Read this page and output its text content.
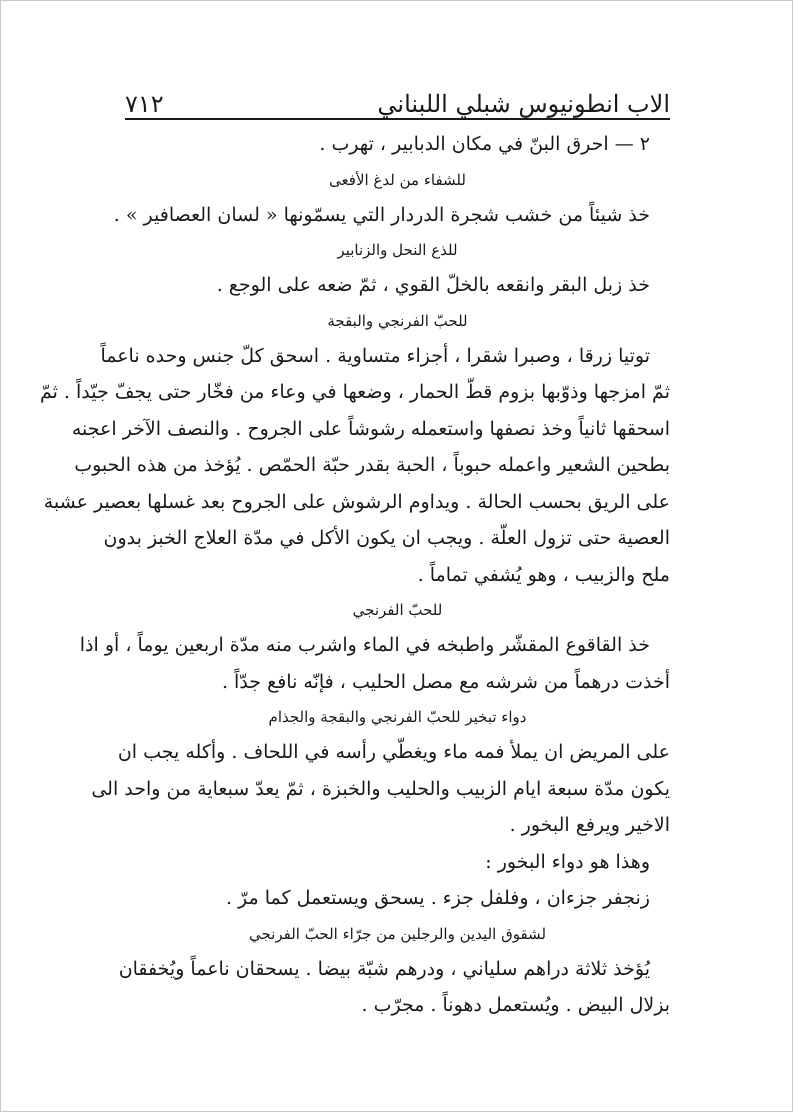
الاب انطونيوس شبلي اللبناني
٧١٢
٢ — احرق البنّ في مكان الدبابير ، تهرب .
للشفاء من لدغ الأفعى
خذ شيئاً من خشب شجرة الدردار التي يسمّونها « لسان العصافير » .
للذع النحل والزنابير
خذ زبل البقر وانقعه بالخلّ القوي ، ثمّ ضعه على الوجع .
للحبّ الفرنجي والبقجة
توتيا زرقا ، وصبرا شقرا ، أجزاء متساوية . اسحق كلّ جنس وحده ناعماً
ثمّ امزجها وذوّبها بزوم قطّ الحمار ، وضعها في وعاء من فخّار حتى يجفّ جيّداً . ثمّ
اسحقها ثانياً وخذ نصفها واستعمله رشوشاً على الجروح . والنصف الآخر اعجنه
بطحين الشعير واعمله حبوباً ، الحبة بقدر حبّة الحمّص . يُؤخذ من هذه الحبوب
على الريق بحسب الحالة . ويداوم الرشوش على الجروح بعد غسلها بعصير عشبة
العصية حتى تزول العلّة . ويجب ان يكون الأكل في مدّة العلاج الخبز بدون
ملح والزبيب ، وهو يُشفي تماماً .
للحبّ الفرنجي
خذ القاقوع المقشّر واطبخه في الماء واشرب منه مدّة اربعين يوماً ، أو اذا
أخذت درهماً من شرشه مع مصل الحليب ، فإنّه نافع جدّاً .
دواء تبخير للحبّ الفرنجي والبقجة والجذام
على المريض ان يملأ فمه ماء ويغطّي رأسه في اللحاف . وأكله يجب ان
يكون مدّة سبعة ايام الزبيب والحليب والخبزة ، ثمّ يعدّ سبعاية من واحد الى
الاخير ويرفع البخور .
وهذا هو دواء البخور :
زنجفر جزءان ، وفلفل جزء . يسحق ويستعمل كما مرّ .
لشقوق اليدين والرجلين من جرّاء الحبّ الفرنجي
يُؤخذ ثلاثة دراهم سلياني ، ودرهم شبّة بيضا . يسحقان ناعماً ويُخفقان
بزلال البيض . ويُستعمل دهوناً . مجرّب .
